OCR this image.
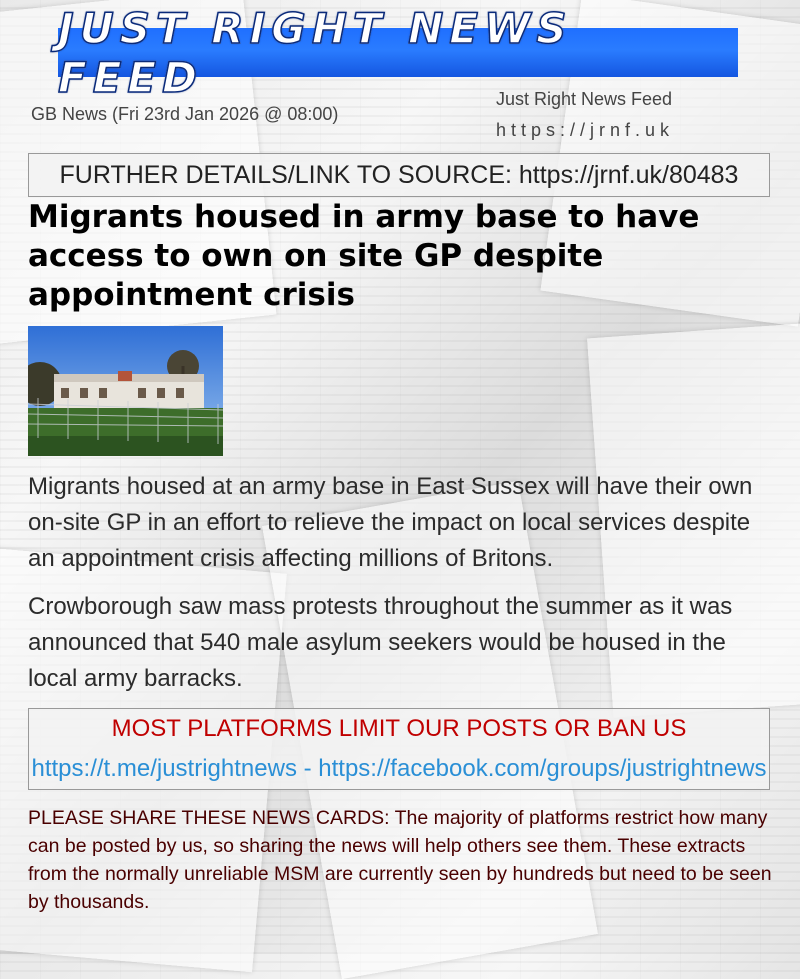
JUST RIGHT NEWS FEED
GB News (Fri 23rd Jan 2026 @ 08:00)
Just Right News Feed
https://jrnf.uk
FURTHER DETAILS/LINK TO SOURCE: https://jrnf.uk/80483
Migrants housed in army base to have access to own on site GP despite appointment crisis
Migrants housed at an army base in East Sussex will have their own on-site GP in an effort to relieve the impact on local services despite an appointment crisis affecting millions of Britons.
Crowborough saw mass protests throughout the summer as it was announced that 540 male asylum seekers would be housed in the local army barracks.
MOST PLATFORMS LIMIT OUR POSTS OR BAN US
https://t.me/justrightnews - https://facebook.com/groups/justrightnews
PLEASE SHARE THESE NEWS CARDS: The majority of platforms restrict how many can be posted by us, so sharing the news will help others see them. These extracts from the normally unreliable MSM are currently seen by hundreds but need to be seen by thousands.
